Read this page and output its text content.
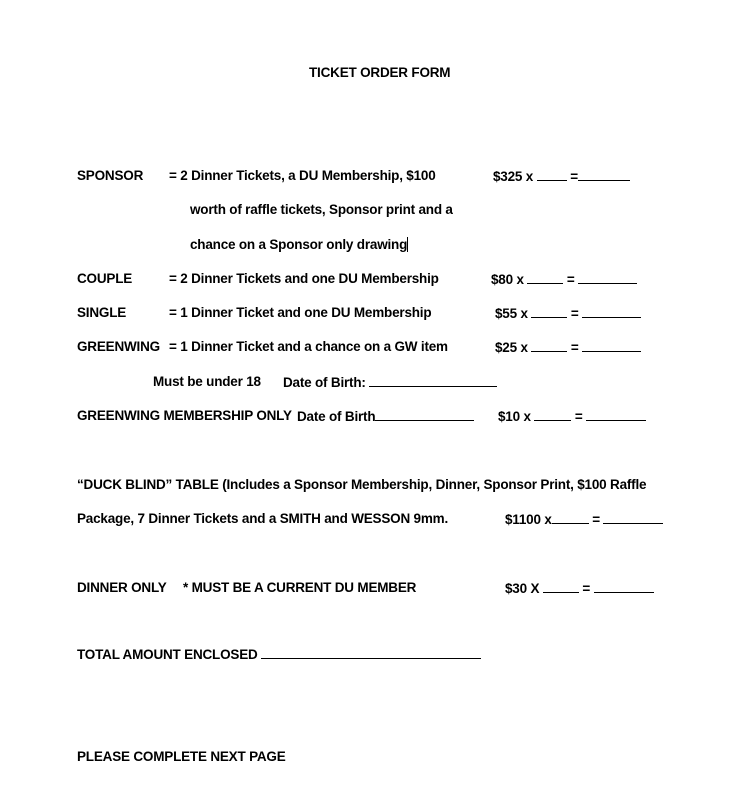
TICKET ORDER FORM
SPONSOR = 2 Dinner Tickets, a DU Membership, $100
worth of raffle tickets, Sponsor print and a
chance on a Sponsor only drawing
$325 x	=
COUPLE	= 2 Dinner Tickets and one DU Membership	$80 x	=
SINGLE	= 1 Dinner Ticket and one DU Membership	$55 x	=
GREENWING = 1 Dinner Ticket and a chance on a GW item	$25 x	=
Must be under 18 Date of Birth:
GREENWING MEMBERSHIP ONLY Date of Birth	$10 x	=
“DUCK BLIND” TABLE (Includes a Sponsor Membership, Dinner, Sponsor Print, $100 Raffle
Package, 7 Dinner Tickets and a SMITH and WESSON 9mm.	$1100 x	=
DINNER ONLY * MUST BE A CURRENT DU MEMBER	$30 X	=
TOTAL AMOUNT ENCLOSED
PLEASE COMPLETE NEXT PAGE
